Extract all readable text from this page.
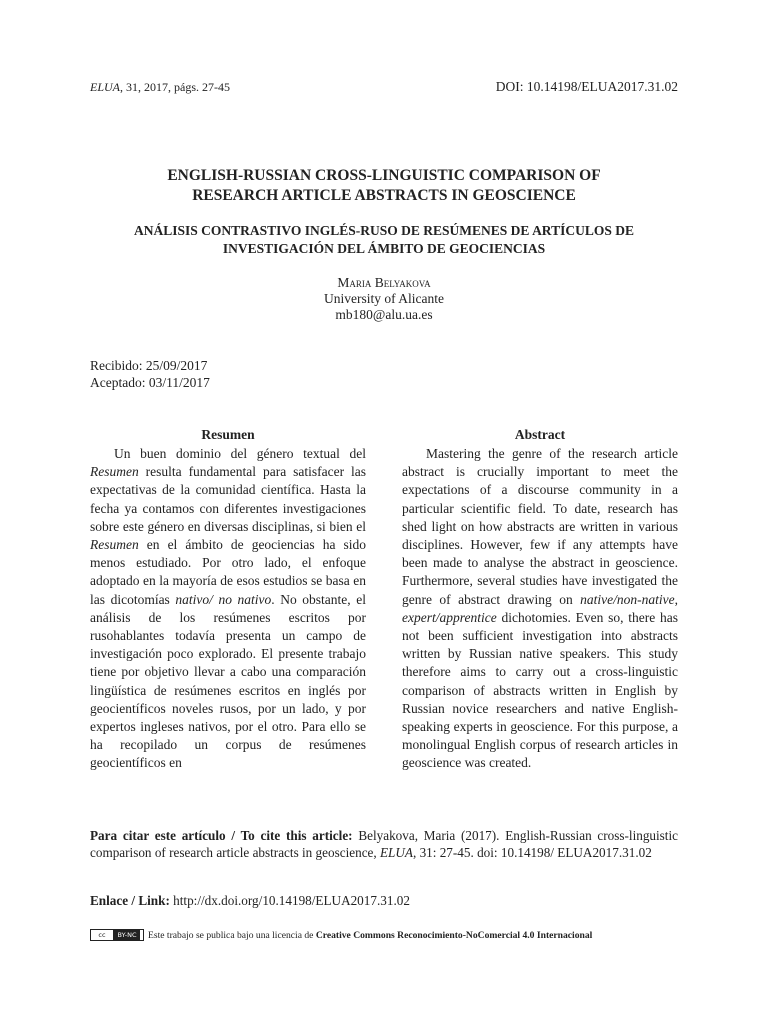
ELUA, 31, 2017, págs. 27-45	DOI: 10.14198/ELUA2017.31.02
ENGLISH-RUSSIAN CROSS-LINGUISTIC COMPARISON OF
RESEARCH ARTICLE ABSTRACTS IN GEOSCIENCE
ANÁLISIS CONTRASTIVO INGLÉS-RUSO DE RESÚMENES DE ARTÍCULOS DE
INVESTIGACIÓN DEL ÁMBITO DE GEOCIENCIAS
Maria Belyakova
University of Alicante
mb180@alu.ua.es
Recibido: 25/09/2017
Aceptado: 03/11/2017
Resumen

Un buen dominio del género textual del Resumen resulta fundamental para satisfacer las expectativas de la comunidad científica. Hasta la fecha ya contamos con diferentes investigaciones sobre este género en diversas disciplinas, si bien el Resumen en el ámbito de geociencias ha sido menos estudiado. Por otro lado, el enfoque adoptado en la mayoría de esos estudios se basa en las dicotomías nativo/ no nativo. No obstante, el análisis de los resúmenes escritos por rusohablantes todavía presenta un campo de investigación poco explorado. El presente trabajo tiene por objetivo llevar a cabo una comparación lingüística de resúmenes escritos en inglés por geocientíficos noveles rusos, por un lado, y por expertos ingleses nativos, por el otro. Para ello se ha recopilado un corpus de resúmenes geocientíficos en

Abstract

Mastering the genre of the research article abstract is crucially important to meet the expectations of a discourse community in a particular scientific field. To date, research has shed light on how abstracts are written in various disciplines. However, few if any attempts have been made to analyse the abstract in geoscience. Furthermore, several studies have investigated the genre of abstract drawing on native/non-native, expert/apprentice dichotomies. Even so, there has not been sufficient investigation into abstracts written by Russian native speakers. This study therefore aims to carry out a cross-linguistic comparison of abstracts written in English by Russian novice researchers and native English-speaking experts in geoscience. For this purpose, a monolingual English corpus of research articles in geoscience was created.

Para citar este artículo / To cite this article: Belyakova, Maria (2017). English-Russian cross-linguistic comparison of research article abstracts in geoscience, ELUA, 31: 27-45. doi: 10.14198/ ELUA2017.31.02
Enlace / Link: http://dx.doi.org/10.14198/ELUA2017.31.02
cc BY-NC Este trabajo se publica bajo una licencia de Creative Commons Reconocimiento-NoComercial 4.0 Internacional
